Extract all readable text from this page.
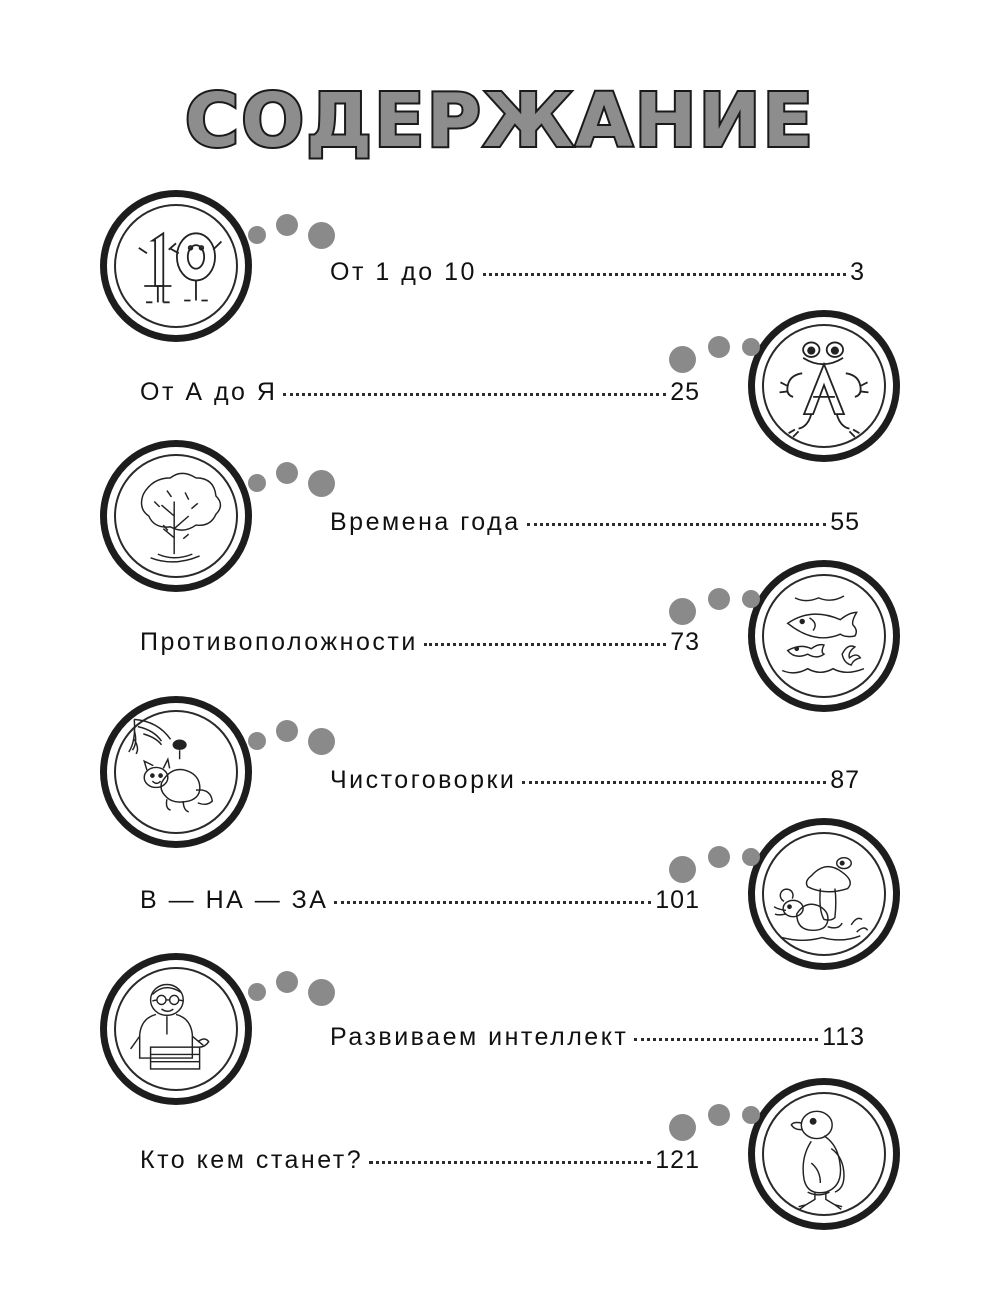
СОДЕРЖАНИЕ
От 1 до 10	3
От А до Я	25
Времена года	55
Противоположности	73
Чистоговорки	87
В — НА — ЗА	101
Развиваем интеллект	113
Кто кем станет?	121
